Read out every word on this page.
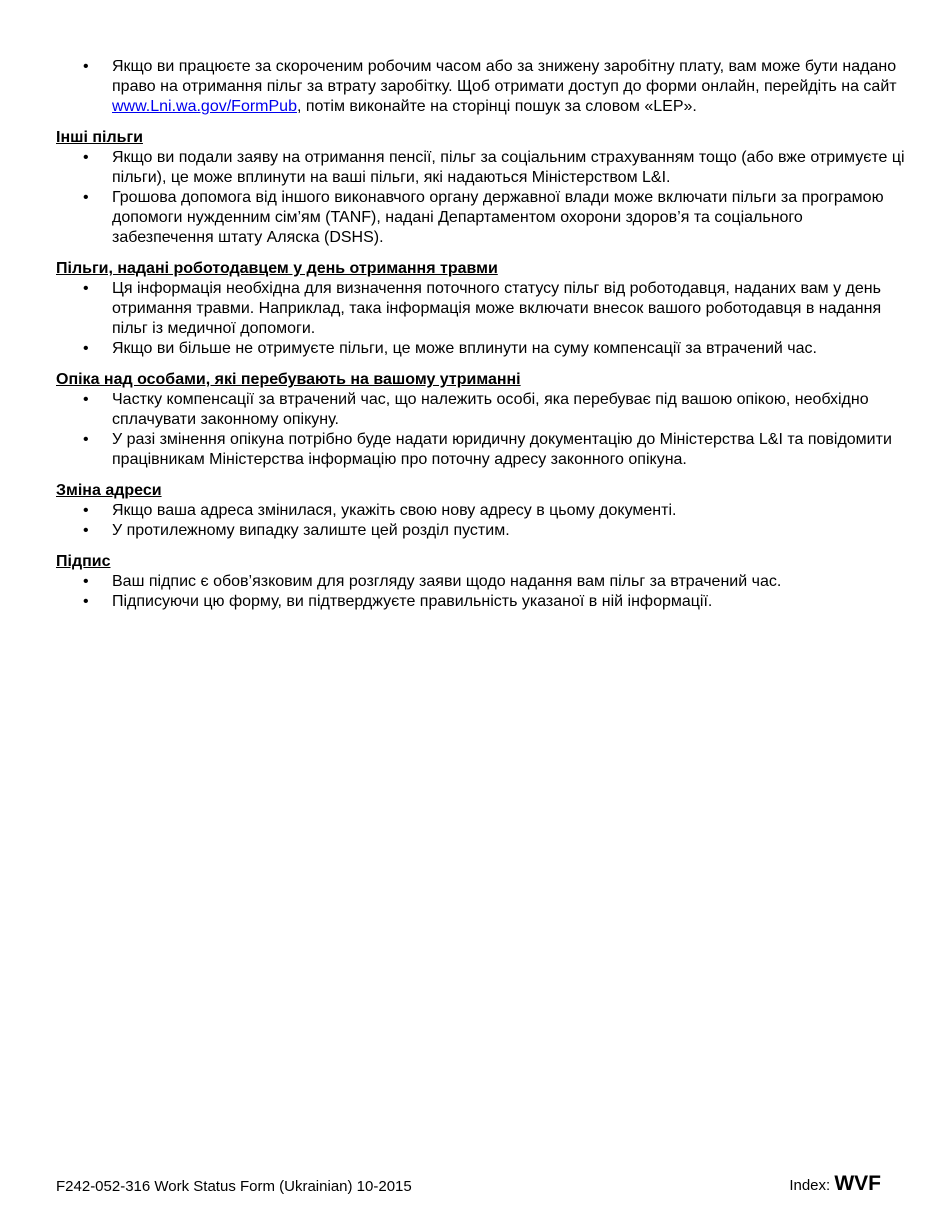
• Якщо ви працюєте за скороченим робочим часом або за знижену заробітну плату, вам може бути надано право на отримання пільг за втрату заробітку. Щоб отримати доступ до форми онлайн, перейдіть на сайт www.Lni.wa.gov/FormPub, потім виконайте на сторінці пошук за словом «LEP».
Інші пільги
• Якщо ви подали заяву на отримання пенсії, пільг за соціальним страхуванням тощо (або вже отримуєте ці пільги), це може вплинути на ваші пільги, які надаються Міністерством L&I.
• Грошова допомога від іншого виконавчого органу державної влади може включати пільги за програмою допомоги нужденним сім’ям (TANF), надані Департаментом охорони здоров’я та соціального забезпечення штату Аляска (DSHS).
Пільги, надані роботодавцем у день отримання травми
• Ця інформація необхідна для визначення поточного статусу пільг від роботодавця, наданих вам у день отримання травми. Наприклад, така інформація може включати внесок вашого роботодавця в надання пільг із медичної допомоги.
• Якщо ви більше не отримуєте пільги, це може вплинути на суму компенсації за втрачений час.
Опіка над особами, які перебувають на вашому утриманні
• Частку компенсації за втрачений час, що належить особі, яка перебуває під вашою опікою, необхідно сплачувати законному опікуну.
• У разі змінення опікуна потрібно буде надати юридичну документацію до Міністерства L&I та повідомити працівникам Міністерства інформацію про поточну адресу законного опікуна.
Зміна адреси
• Якщо ваша адреса змінилася, укажіть свою нову адресу в цьому документі.
• У протилежному випадку залиште цей розділ пустим.
Підпис
• Ваш підпис є обов’язковим для розгляду заяви щодо надання вам пільг за втрачений час.
• Підписуючи цю форму, ви підтверджуєте правильність указаної в ній інформації.
F242-052-316 Work Status Form (Ukrainian) 10-2015	Index: WVF
